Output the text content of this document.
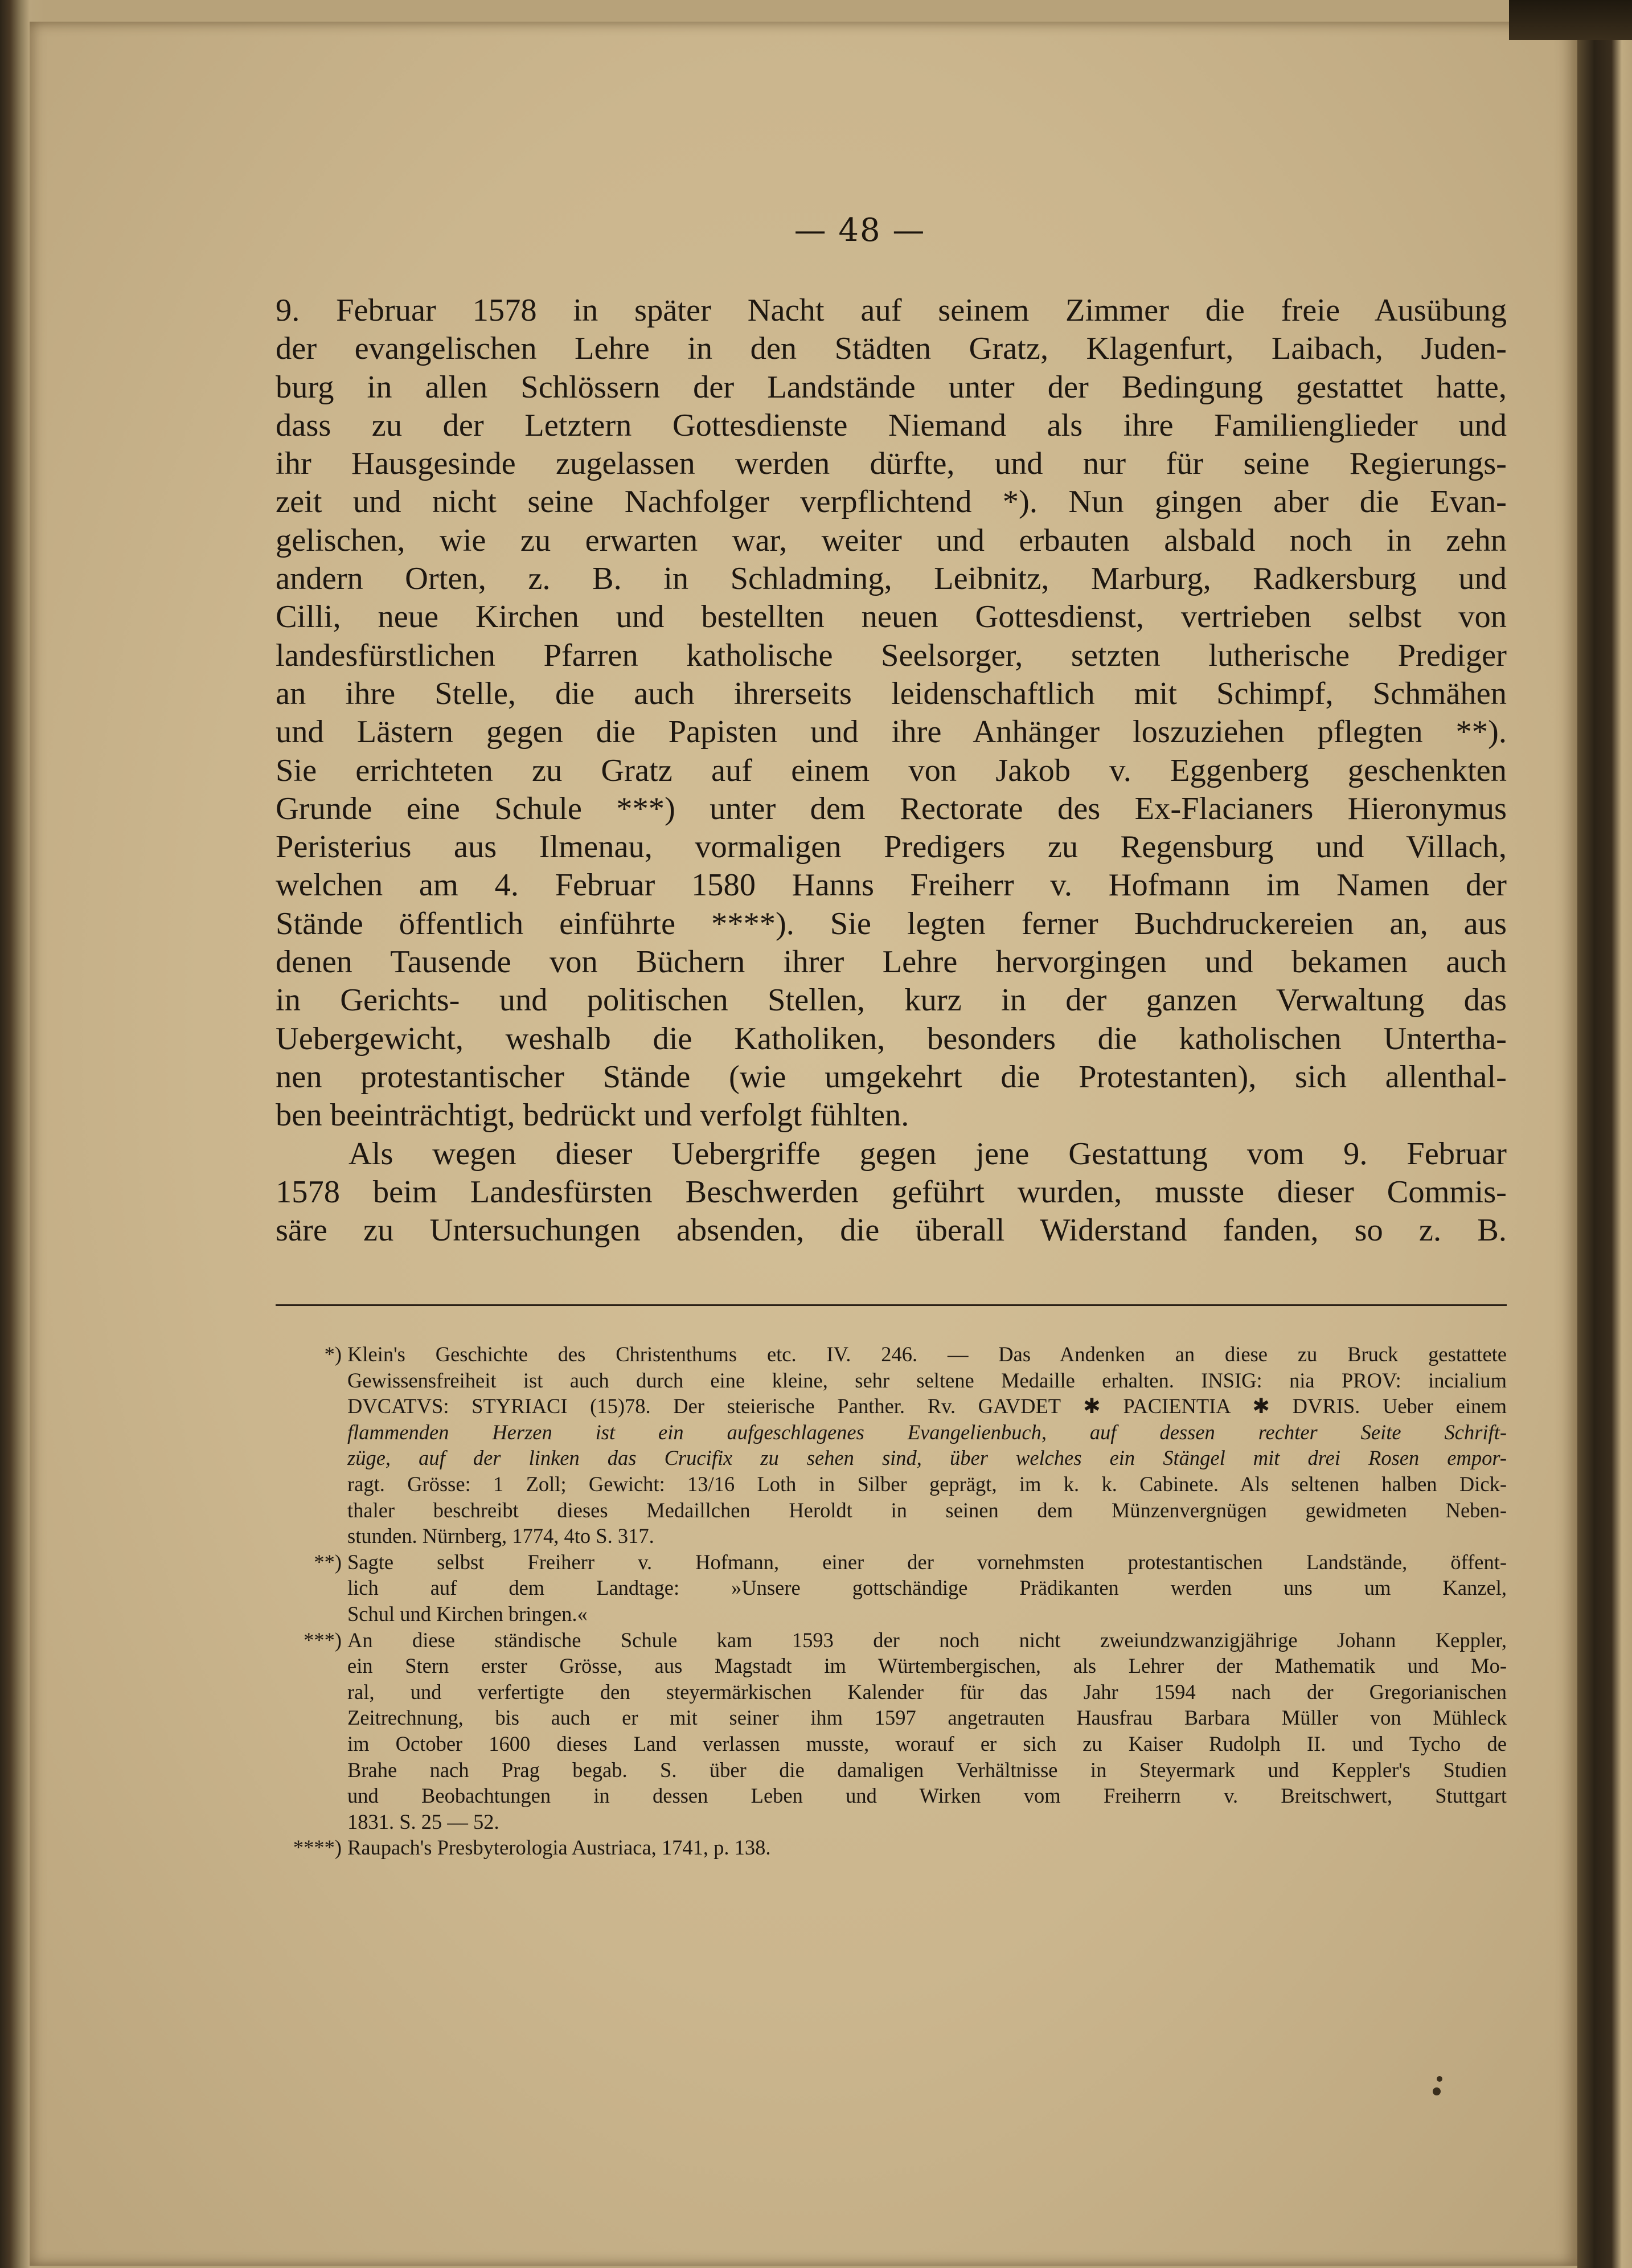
— 48 —
9. Februar 1578 in später Nacht auf seinem Zimmer die freie Ausübung
der evangelischen Lehre in den Städten Gratz, Klagenfurt, Laibach, Juden-
burg in allen Schlössern der Landstände unter der Bedingung gestattet hatte,
dass zu der Letztern Gottesdienste Niemand als ihre Familienglieder und
ihr Hausgesinde zugelassen werden dürfte, und nur für seine Regierungs-
zeit und nicht seine Nachfolger verpflichtend *). Nun gingen aber die Evan-
gelischen, wie zu erwarten war, weiter und erbauten alsbald noch in zehn
andern Orten, z. B. in Schladming, Leibnitz, Marburg, Radkersburg und
Cilli, neue Kirchen und bestellten neuen Gottesdienst, vertrieben selbst von
landesfürstlichen Pfarren katholische Seelsorger, setzten lutherische Prediger
an ihre Stelle, die auch ihrerseits leidenschaftlich mit Schimpf, Schmähen
und Lästern gegen die Papisten und ihre Anhänger loszuziehen pflegten **).
Sie errichteten zu Gratz auf einem von Jakob v. Eggenberg geschenkten
Grunde eine Schule ***) unter dem Rectorate des Ex-Flacianers Hieronymus
Peristerius aus Ilmenau, vormaligen Predigers zu Regensburg und Villach,
welchen am 4. Februar 1580 Hanns Freiherr v. Hofmann im Namen der
Stände öffentlich einführte ****). Sie legten ferner Buchdruckereien an, aus
denen Tausende von Büchern ihrer Lehre hervorgingen und bekamen auch
in Gerichts- und politischen Stellen, kurz in der ganzen Verwaltung das
Uebergewicht, weshalb die Katholiken, besonders die katholischen Untertha-
nen protestantischer Stände (wie umgekehrt die Protestanten), sich allenthal-
ben beeinträchtigt, bedrückt und verfolgt fühlten.
Als wegen dieser Uebergriffe gegen jene Gestattung vom 9. Februar
1578 beim Landesfürsten Beschwerden geführt wurden, musste dieser Commis-
säre zu Untersuchungen absenden, die überall Widerstand fanden, so z. B.
*) Klein's Geschichte des Christenthums etc. IV. 246. — Das Andenken an diese zu Bruck gestattete
Gewissensfreiheit ist auch durch eine kleine, sehr seltene Medaille erhalten. INSIG: nia PROV: incialium
DVCATVS: STYRIACI (15)78. Der steierische Panther. Rv. GAVDET ✱ PACIENTIA ✱ DVRIS. Ueber einem
flammenden Herzen ist ein aufgeschlagenes Evangelienbuch, auf dessen rechter Seite Schrift-
züge, auf der linken das Crucifix zu sehen sind, über welches ein Stängel mit drei Rosen empor-
ragt. Grösse: 1 Zoll; Gewicht: 13/16 Loth in Silber geprägt, im k. k. Cabinete. Als seltenen halben Dick-
thaler beschreibt dieses Medaillchen Heroldt in seinen dem Münzenvergnügen gewidmeten Neben-
stunden. Nürnberg, 1774, 4to S. 317.
**) Sagte selbst Freiherr v. Hofmann, einer der vornehmsten protestantischen Landstände, öffent-
lich auf dem Landtage: »Unsere gottschändige Prädikanten werden uns um Kanzel,
Schul und Kirchen bringen.«
***) An diese ständische Schule kam 1593 der noch nicht zweiundzwanzigjährige Johann Keppler,
ein Stern erster Grösse, aus Magstadt im Würtembergischen, als Lehrer der Mathematik und Mo-
ral, und verfertigte den steyermärkischen Kalender für das Jahr 1594 nach der Gregorianischen
Zeitrechnung, bis auch er mit seiner ihm 1597 angetrauten Hausfrau Barbara Müller von Mühleck
im October 1600 dieses Land verlassen musste, worauf er sich zu Kaiser Rudolph II. und Tycho de
Brahe nach Prag begab. S. über die damaligen Verhältnisse in Steyermark und Keppler's Studien
und Beobachtungen in dessen Leben und Wirken vom Freiherrn v. Breitschwert, Stuttgart
1831. S. 25 — 52.
****) Raupach's Presbyterologia Austriaca, 1741, p. 138.
